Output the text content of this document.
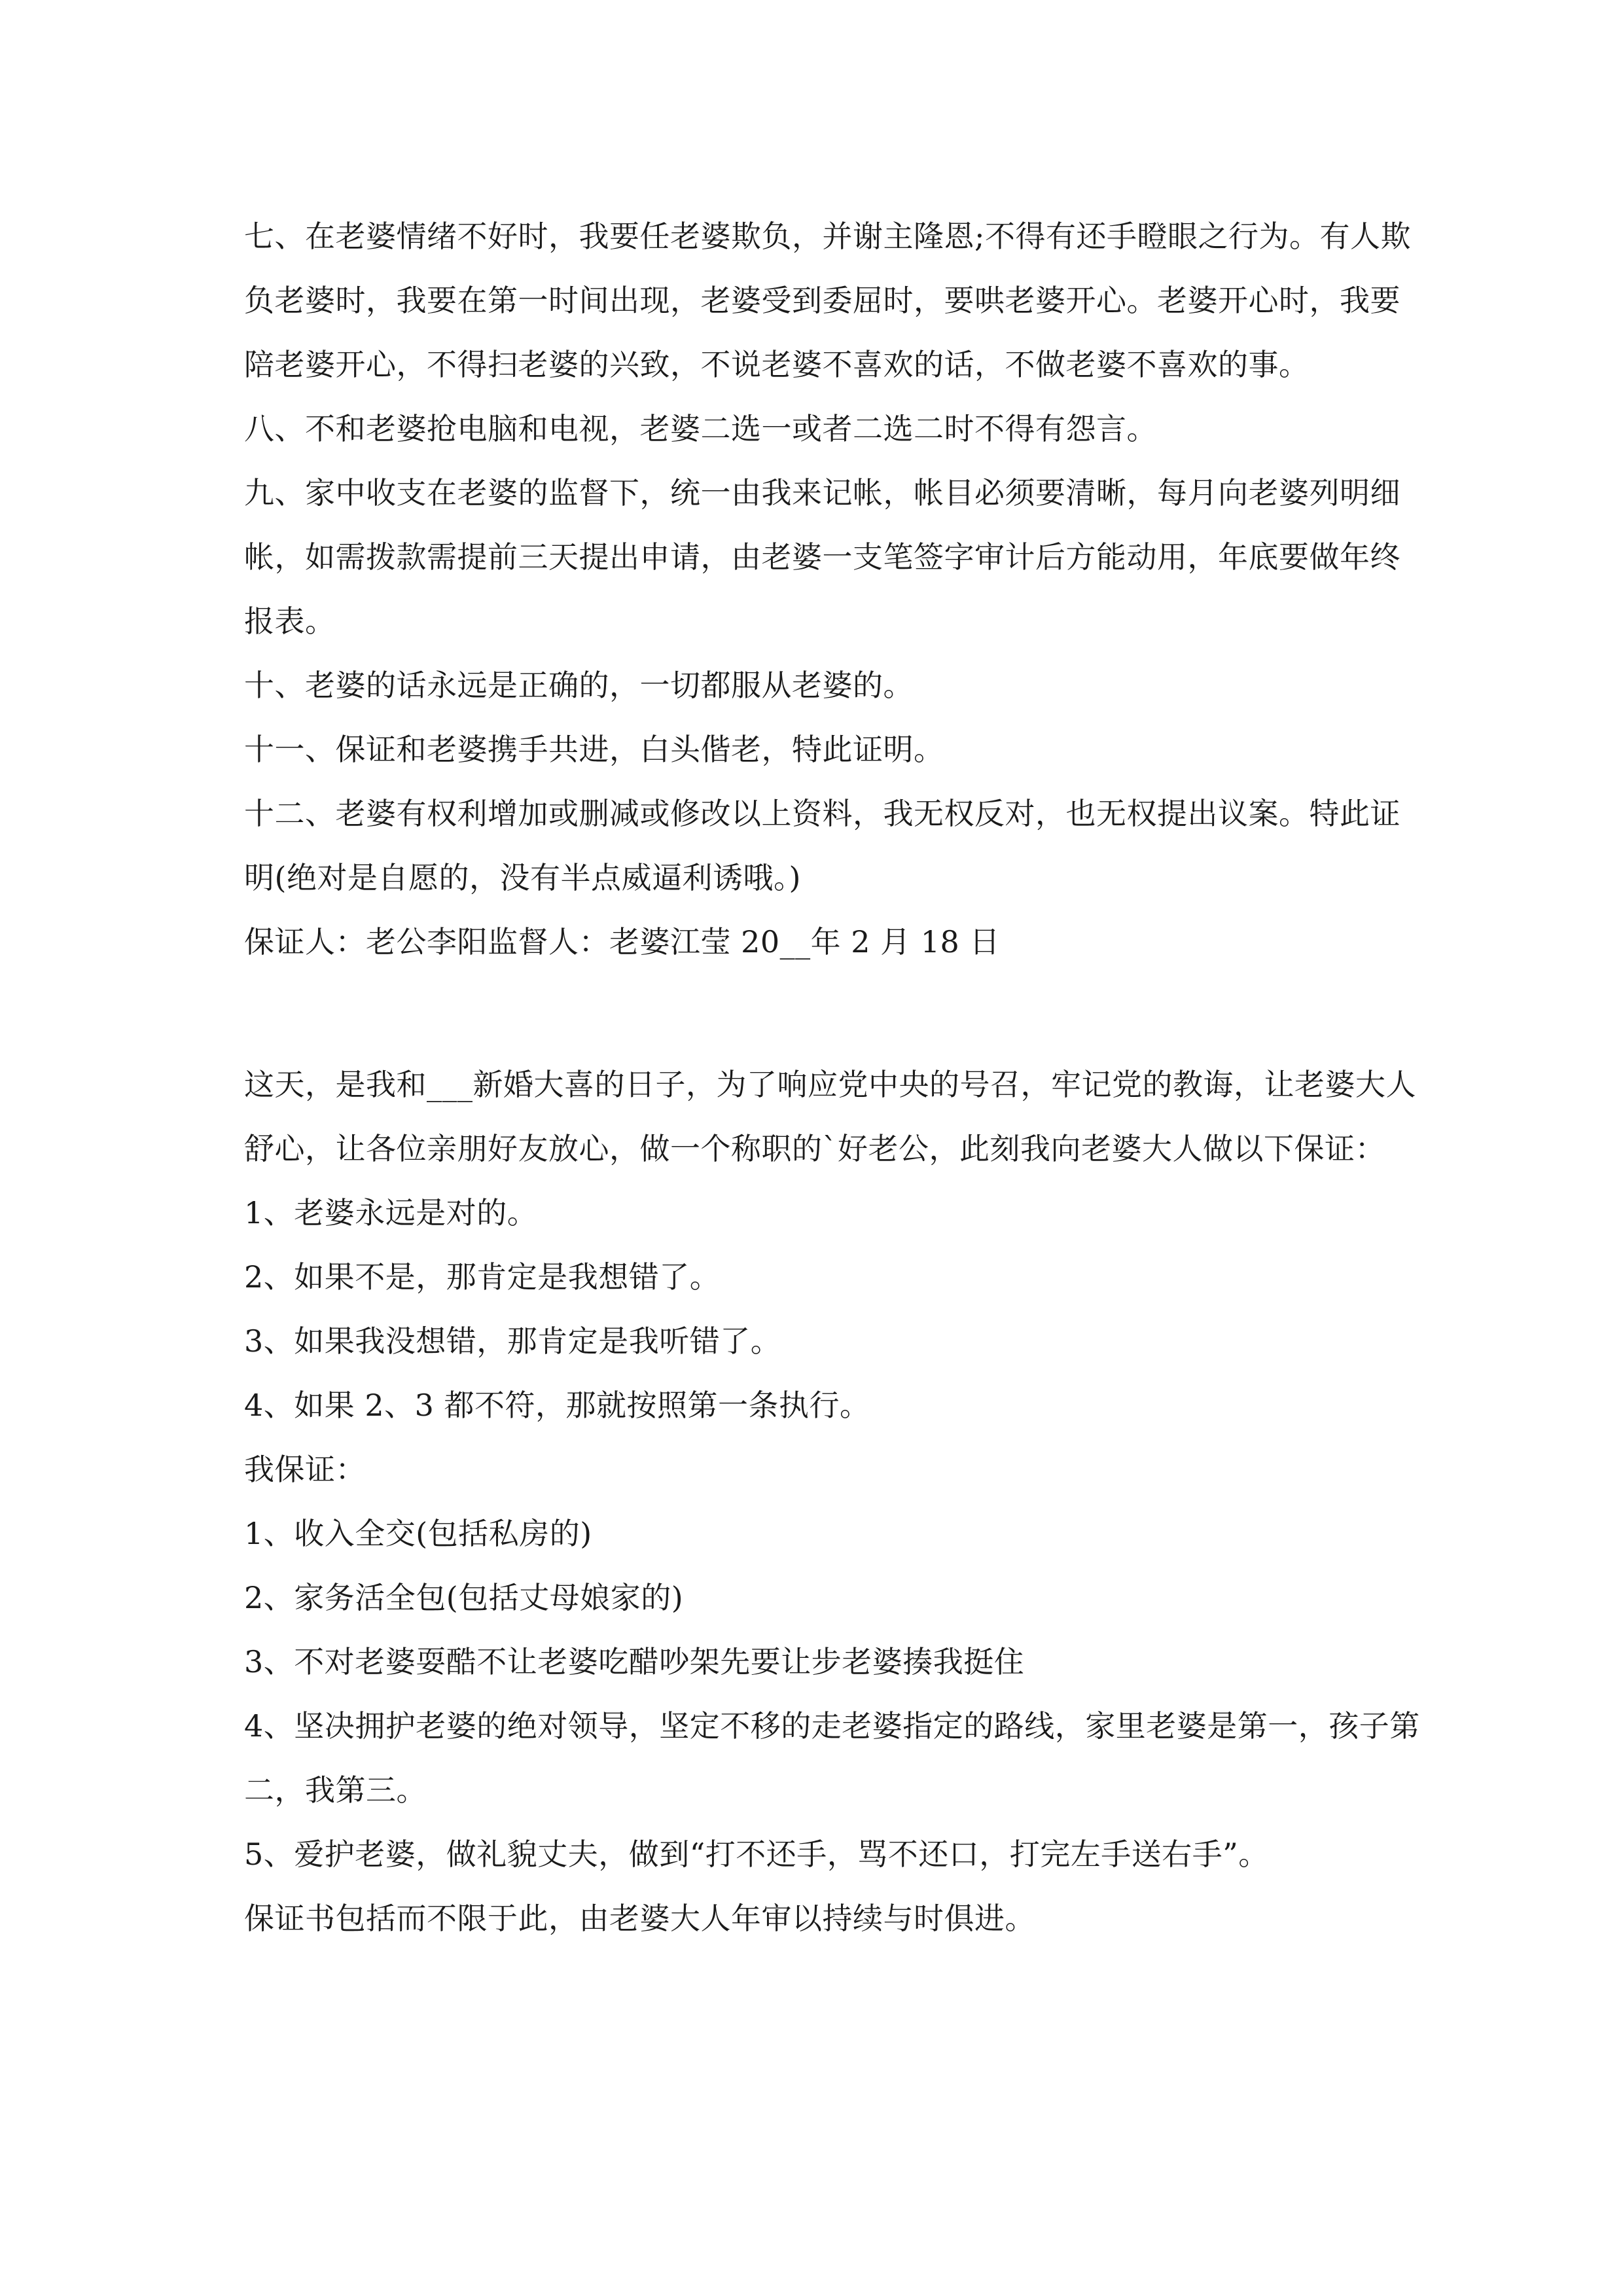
七、在老婆情绪不好时，我要任老婆欺负，并谢主隆恩;不得有还手瞪眼之行为。有人欺负老婆时，我要在第一时间出现，老婆受到委屈时，要哄老婆开心。老婆开心时，我要陪老婆开心，不得扫老婆的兴致，不说老婆不喜欢的话，不做老婆不喜欢的事。

八、不和老婆抢电脑和电视，老婆二选一或者二选二时不得有怨言。

九、家中收支在老婆的监督下，统一由我来记帐，帐目必须要清晰，每月向老婆列明细帐，如需拨款需提前三天提出申请，由老婆一支笔签字审计后方能动用，年底要做年终报表。

十、老婆的话永远是正确的，一切都服从老婆的。

十一、保证和老婆携手共进，白头偕老，特此证明。

十二、老婆有权利增加或删减或修改以上资料，我无权反对，也无权提出议案。特此证明(绝对是自愿的，没有半点威逼利诱哦。)

保证人：老公李阳监督人：老婆江莹 20__年 2 月 18 日

这天，是我和___新婚大喜的日子，为了响应党中央的号召，牢记党的教诲，让老婆大人舒心，让各位亲朋好友放心，做一个称职的`好老公，此刻我向老婆大人做以下保证：

1、老婆永远是对的。

2、如果不是，那肯定是我想错了。

3、如果我没想错，那肯定是我听错了。

4、如果 2、3 都不符，那就按照第一条执行。

我保证：

1、收入全交(包括私房的)

2、家务活全包(包括丈母娘家的)

3、不对老婆耍酷不让老婆吃醋吵架先要让步老婆揍我挺住

4、坚决拥护老婆的绝对领导，坚定不移的走老婆指定的路线，家里老婆是第一，孩子第二，我第三。

5、爱护老婆，做礼貌丈夫，做到“打不还手，骂不还口，打完左手送右手”。

保证书包括而不限于此，由老婆大人年审以持续与时俱进。
